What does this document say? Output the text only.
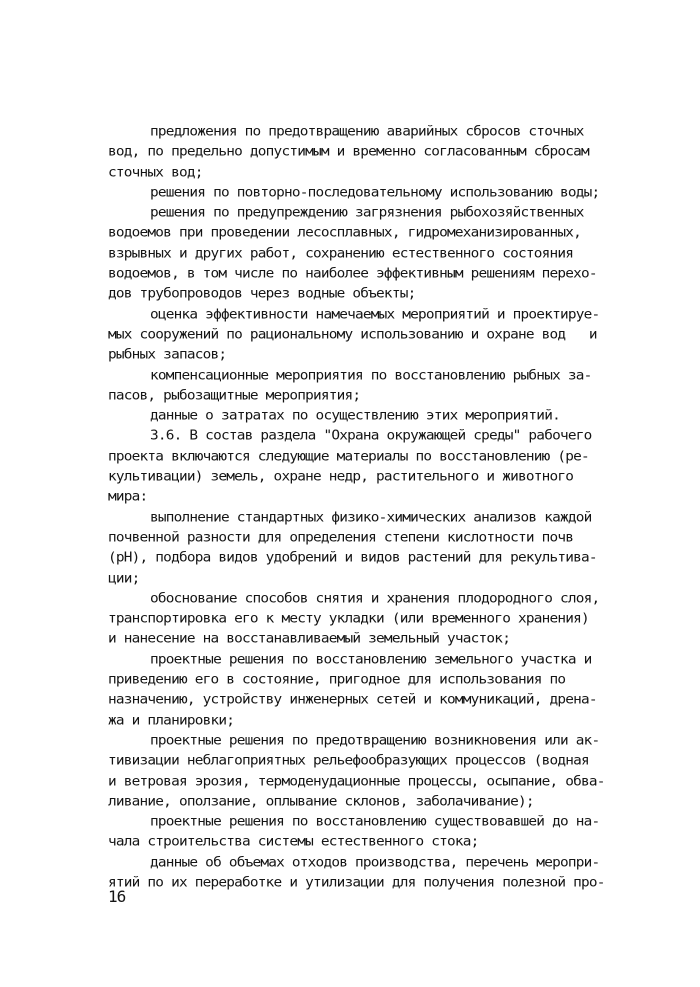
предложения по предотвращению аварийных сбросов сточных
вод, по предельно допустимым и временно согласованным сбросам
сточных вод;
решения по повторно-последовательному использованию воды;
решения по предупреждению загрязнения рыбохозяйственных
водоемов при проведении лесосплавных, гидромеханизированных,
взрывных и других работ, сохранению естественного состояния
водоемов, в том числе по наиболее эффективным решениям перехо-
дов трубопроводов через водные объекты;
оценка эффективности намечаемых мероприятий и проектируе-
мых сооружений по рациональному использованию и охране вод   и
рыбных запасов;
компенсационные мероприятия по восстановлению рыбных за-
пасов, рыбозащитные мероприятия;
данные о затратах по осуществлению этих мероприятий.
3.6. В состав раздела "Охрана окружающей среды" рабочего
проекта включаются следующие материалы по восстановлению (ре-
культивации) земель, охране недр, растительного и животного
мира:
выполнение стандартных физико-химических анализов каждой
почвенной разности для определения степени кислотности почв
(рН), подбора видов удобрений и видов растений для рекультива-
ции;
обоснование способов снятия и хранения плодородного слоя,
транспортировка его к месту укладки (или временного хранения)
и нанесение на восстанавливаемый земельный участок;
проектные решения по восстановлению земельного участка и
приведению его в состояние, пригодное для использования по
назначению, устройству инженерных сетей и коммуникаций, дрена-
жа и планировки;
проектные решения по предотвращению возникновения или ак-
тивизации неблагоприятных рельефообразующих процессов (водная
и ветровая эрозия, термоденудационные процессы, осыпание, обва-
ливание, оползание, оплывание склонов, заболачивание);
проектные решения по восстановлению существовавшей до на-
чала строительства системы естественного стока;
данные об объемах отходов производства, перечень меропри-
ятий по их переработке и утилизации для получения полезной про-
16
